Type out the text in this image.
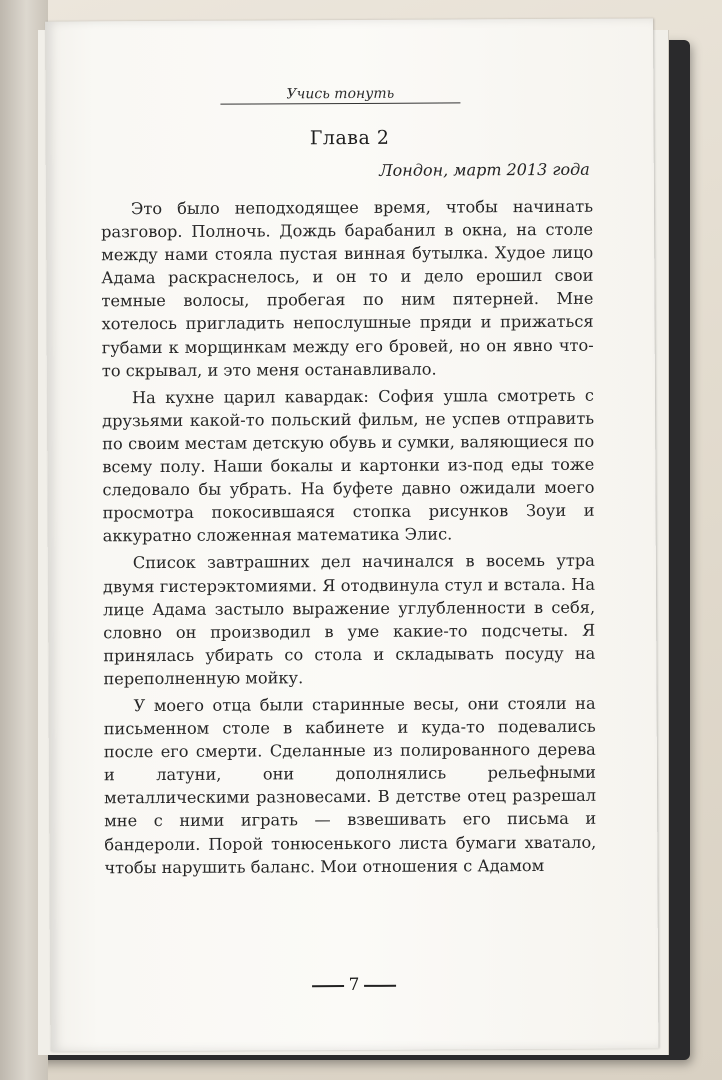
Учись тонуть
Глава 2
Лондон, март 2013 года

Это было неподходящее время, чтобы начинать разговор. Полночь. Дождь барабанил в окна, на столе между нами стояла пустая винная бутылка. Худое лицо Адама раскраснелось, и он то и дело ерошил свои темные волосы, пробегая по ним пятерней. Мне хотелось пригладить непослушные пряди и прижаться губами к морщинкам между его бровей, но он явно что-то скрывал, и это меня останавливало.

На кухне царил кавардак: София ушла смотреть с друзьями какой-то польский фильм, не успев отправить по своим местам детскую обувь и сумки, валяющиеся по всему полу. Наши бокалы и картонки из-под еды тоже следовало бы убрать. На буфете давно ожидали моего просмотра покосившаяся стопка рисунков Зоуи и аккуратно сложенная математика Элис.

Список завтрашних дел начинался в восемь утра двумя гистерэктомиями. Я отодвинула стул и встала. На лице Адама застыло выражение углубленности в себя, словно он производил в уме какие-то подсчеты. Я принялась убирать со стола и складывать посуду на переполненную мойку.

У моего отца были старинные весы, они стояли на письменном столе в кабинете и куда-то подевались после его смерти. Сделанные из полированного дерева и латуни, они дополнялись рельефными металлическими разновесами. В детстве отец разрешал мне с ними играть — взвешивать его письма и бандероли. Порой тонюсенького листа бумаги хватало, чтобы нарушить баланс. Мои отношения с Адамом

7
